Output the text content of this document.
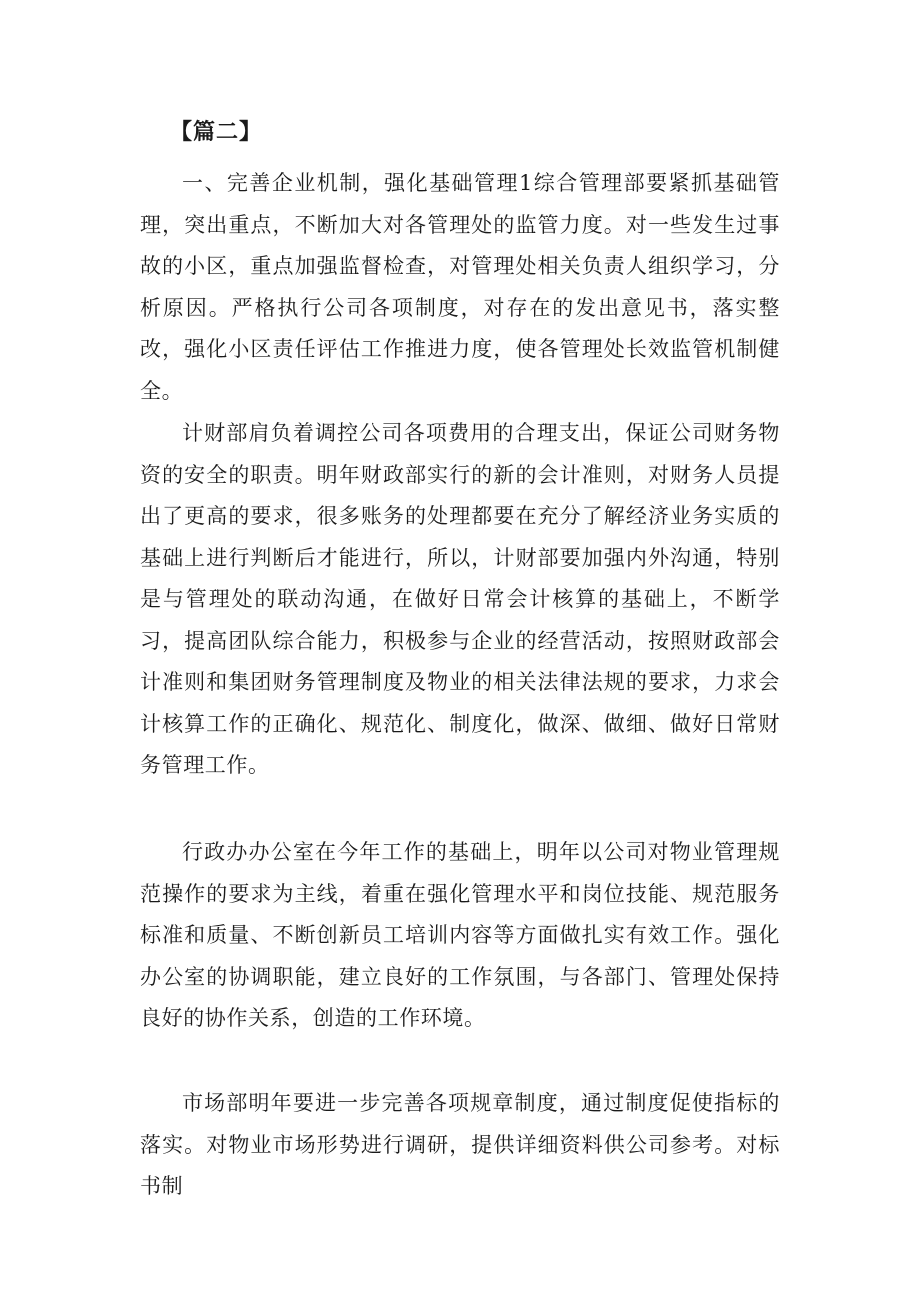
【篇二】

一、完善企业机制，强化基础管理1综合管理部要紧抓基础管理，突出重点，不断加大对各管理处的监管力度。对一些发生过事故的小区，重点加强监督检查，对管理处相关负责人组织学习，分析原因。严格执行公司各项制度，对存在的发出意见书，落实整改，强化小区责任评估工作推进力度，使各管理处长效监管机制健全。

计财部肩负着调控公司各项费用的合理支出，保证公司财务物资的安全的职责。明年财政部实行的新的会计准则，对财务人员提出了更高的要求，很多账务的处理都要在充分了解经济业务实质的基础上进行判断后才能进行，所以，计财部要加强内外沟通，特别是与管理处的联动沟通，在做好日常会计核算的基础上，不断学习，提高团队综合能力，积极参与企业的经营活动，按照财政部会计准则和集团财务管理制度及物业的相关法律法规的要求，力求会计核算工作的正确化、规范化、制度化，做深、做细、做好日常财务管理工作。

行政办办公室在今年工作的基础上，明年以公司对物业管理规范操作的要求为主线，着重在强化管理水平和岗位技能、规范服务标准和质量、不断创新员工培训内容等方面做扎实有效工作。强化办公室的协调职能，建立良好的工作氛围，与各部门、管理处保持良好的协作关系，创造的工作环境。

市场部明年要进一步完善各项规章制度，通过制度促使指标的落实。对物业市场形势进行调研，提供详细资料供公司参考。对标书制
